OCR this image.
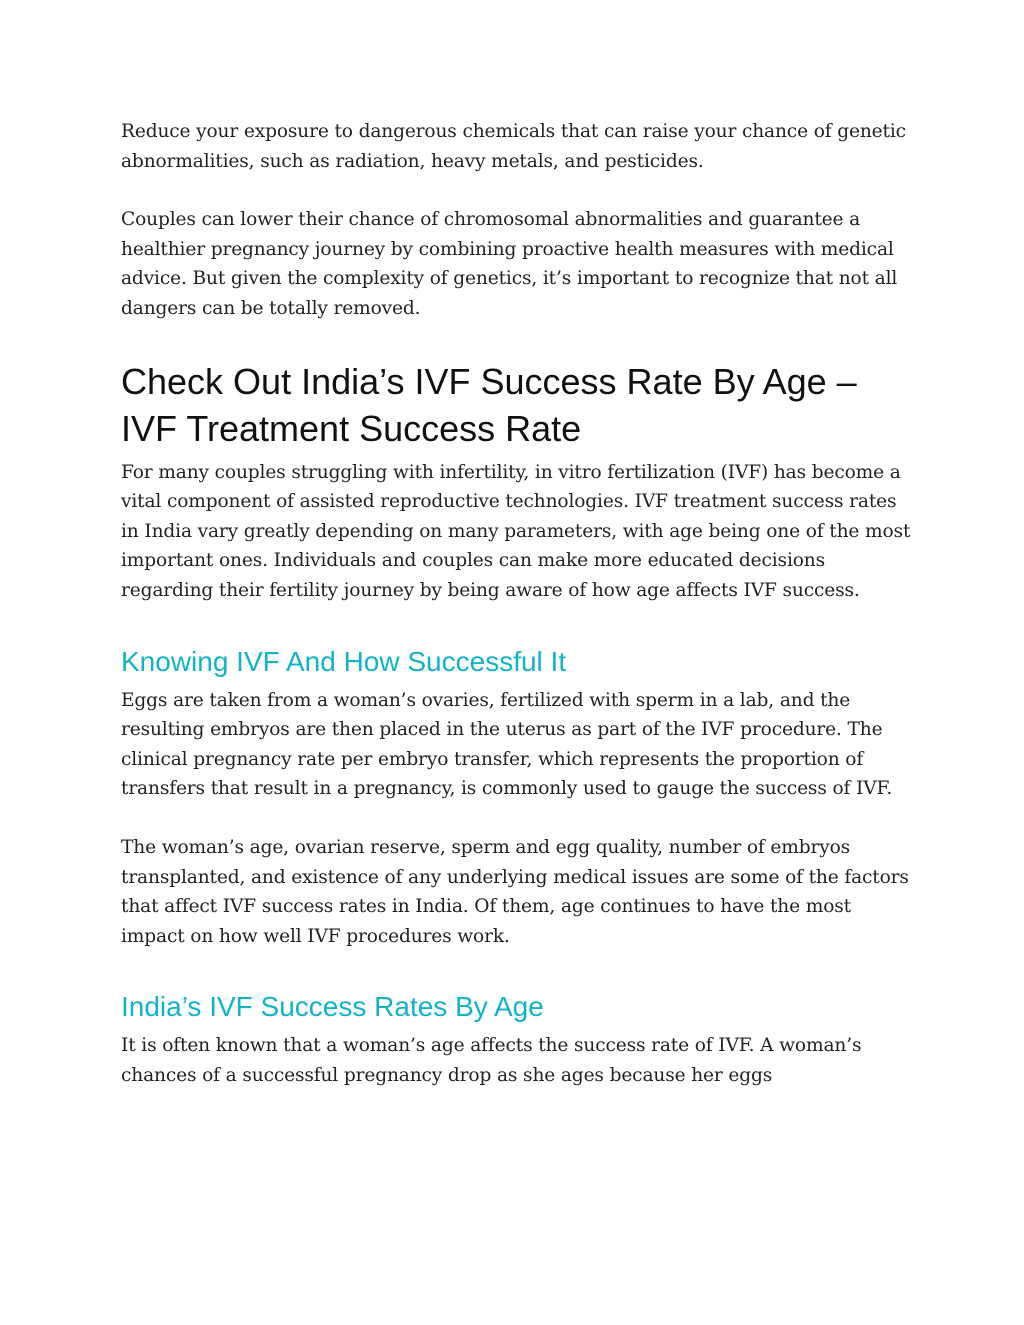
Reduce your exposure to dangerous chemicals that can raise your chance of genetic abnormalities, such as radiation, heavy metals, and pesticides.

Couples can lower their chance of chromosomal abnormalities and guarantee a healthier pregnancy journey by combining proactive health measures with medical advice. But given the complexity of genetics, it’s important to recognize that not all dangers can be totally removed.

Check Out India’s IVF Success Rate By Age – IVF Treatment Success Rate

For many couples struggling with infertility, in vitro fertilization (IVF) has become a vital component of assisted reproductive technologies. IVF treatment success rates in India vary greatly depending on many parameters, with age being one of the most important ones. Individuals and couples can make more educated decisions regarding their fertility journey by being aware of how age affects IVF success.

Knowing IVF And How Successful It

Eggs are taken from a woman’s ovaries, fertilized with sperm in a lab, and the resulting embryos are then placed in the uterus as part of the IVF procedure. The clinical pregnancy rate per embryo transfer, which represents the proportion of transfers that result in a pregnancy, is commonly used to gauge the success of IVF.

The woman’s age, ovarian reserve, sperm and egg quality, number of embryos transplanted, and existence of any underlying medical issues are some of the factors that affect IVF success rates in India. Of them, age continues to have the most impact on how well IVF procedures work.

India’s IVF Success Rates By Age

It is often known that a woman’s age affects the success rate of IVF. A woman’s chances of a successful pregnancy drop as she ages because her eggs
